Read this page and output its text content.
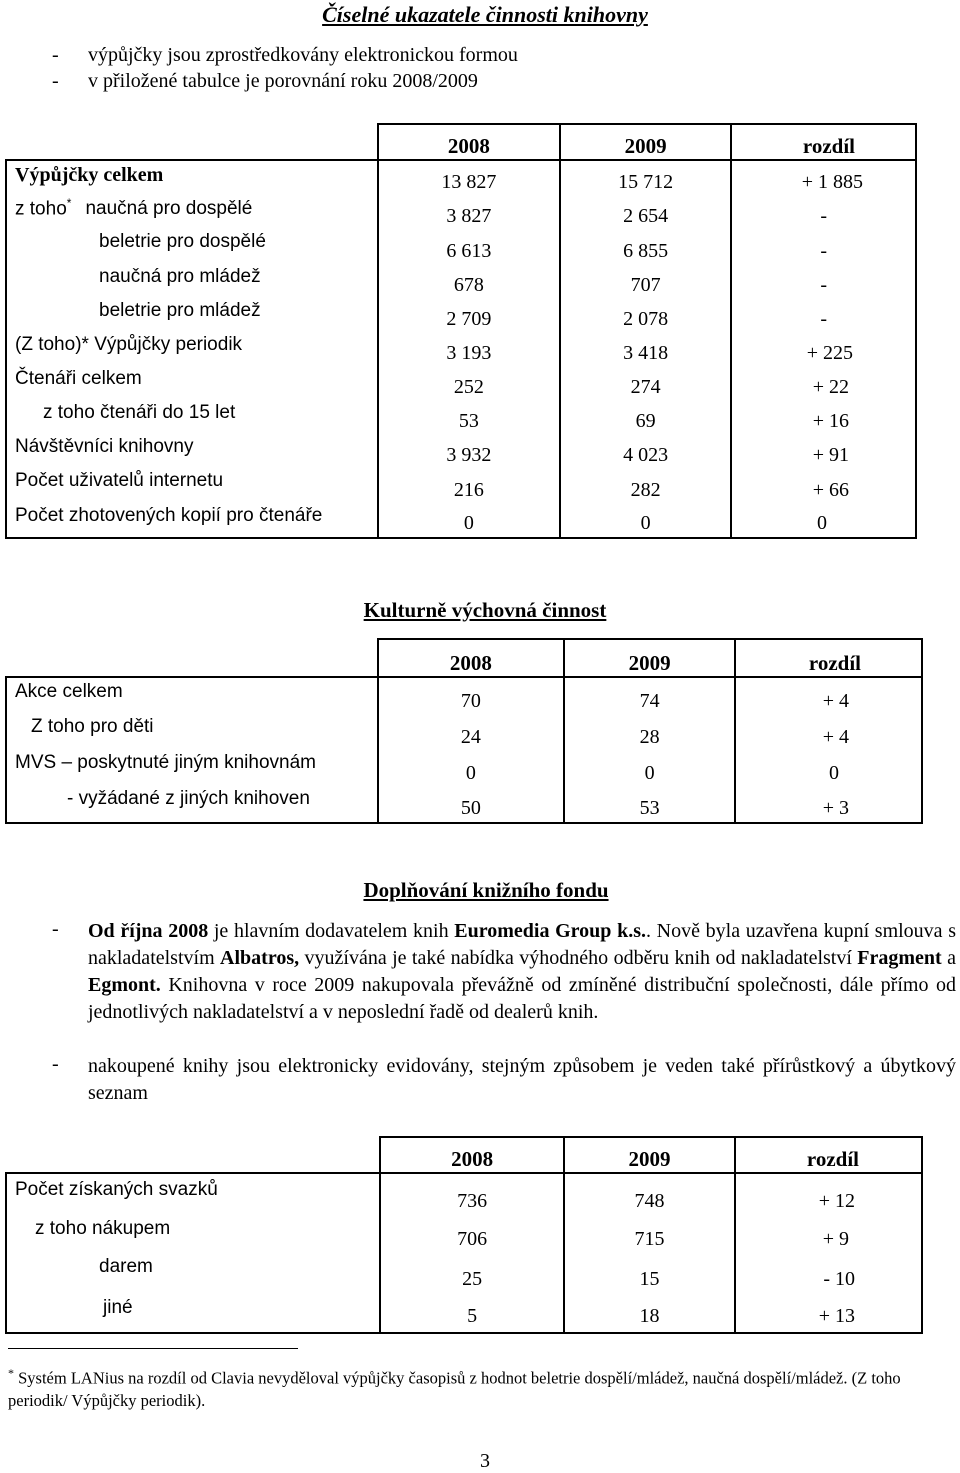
Číselné ukazatele činnosti knihovny
- výpůjčky jsou zprostředkovány elektronickou formou
- v přiložené tabulce je porovnání roku 2008/2009
	2008	2009	rozdíl
Výpůjčky celkem	13 827	15 712	+ 1 885
z toho* naučná pro dospělé	3 827	2 654	-
beletrie pro dospělé	6 613	6 855	-
naučná pro mládež	678	707	-
beletrie pro mládež	2 709	2 078	-
(Z toho)* Výpůjčky periodik	3 193	3 418	+ 225
Čtenáři celkem	252	274	+ 22
z toho čtenáři do 15 let	53	69	+ 16
Návštěvníci knihovny	3 932	4 023	+ 91
Počet uživatelů internetu	216	282	+ 66
Počet zhotovených kopií pro čtenáře	0	0	0
Kulturně výchovná činnost
	2008	2009	rozdíl
Akce celkem	70	74	+ 4
Z toho pro děti	24	28	+ 4
MVS – poskytnuté jiným knihovnám	0	0	0
- vyžádané z jiných knihoven	50	53	+ 3
Doplňování knižního fondu
- Od října 2008 je hlavním dodavatelem knih Euromedia Group k.s.. Nově byla uzavřena kupní smlouva s nakladatelstvím Albatros, využívána je také nabídka výhodného odběru knih od nakladatelství Fragment a Egmont. Knihovna v roce 2009 nakupovala převážně od zmíněné distribuční společnosti, dále přímo od jednotlivých nakladatelství a v neposlední řadě od dealerů knih.
- nakoupené knihy jsou elektronicky evidovány, stejným způsobem je veden také přírůstkový a úbytkový seznam
	2008	2009	rozdíl
Počet získaných svazků	736	748	+ 12
z toho nákupem	706	715	+ 9
darem	25	15	- 10
jiné	5	18	+ 13
* Systém LANius na rozdíl od Clavia nevyděloval výpůjčky časopisů z hodnot beletrie dospělí/mládež, naučná dospělí/mládež. (Z toho periodik/ Výpůjčky periodik).
3
